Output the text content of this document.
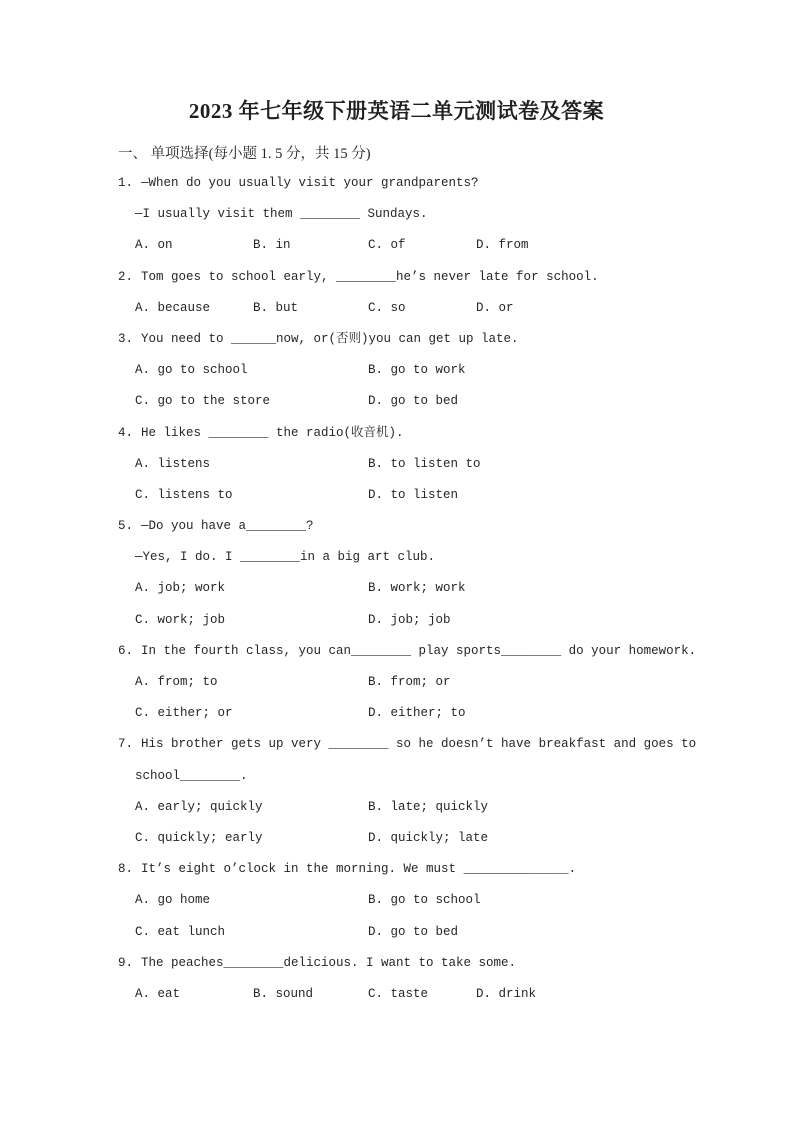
2023 年七年级下册英语二单元测试卷及答案
一、 单项选择(每小题 1. 5 分，共 15 分)
1. —When do you usually visit your grandparents?
—I usually visit them ________ Sundays.
A. on	B. in	C. of	D. from
2. Tom goes to school early, ________he’s never late for school.
A. because	B. but	C. so	D. or
3. You need to ______now, or(否则)you can get up late.
A. go to school	B. go to work
C. go to the store	D. go to bed
4. He likes ________ the radio(收音机).
A. listens	B. to listen to
C. listens to	D. to listen
5. —Do you have a________?
—Yes, I do. I ________in a big art club.
A. job; work	B. work; work
C. work; job	D. job; job
6. In the fourth class, you can________ play sports________ do your homework.
A. from; to	B. from; or
C. either; or	D. either; to
7. His brother gets up very ________ so he doesn’t have breakfast and goes to
school________.
A. early; quickly	B. late; quickly
C. quickly; early	D. quickly; late
8. It’s eight o’clock in the morning. We must ______________.
A. go home	B. go to school
C. eat lunch	D. go to bed
9. The peaches________delicious. I want to take some.
A. eat	B. sound	C. taste	D. drink
